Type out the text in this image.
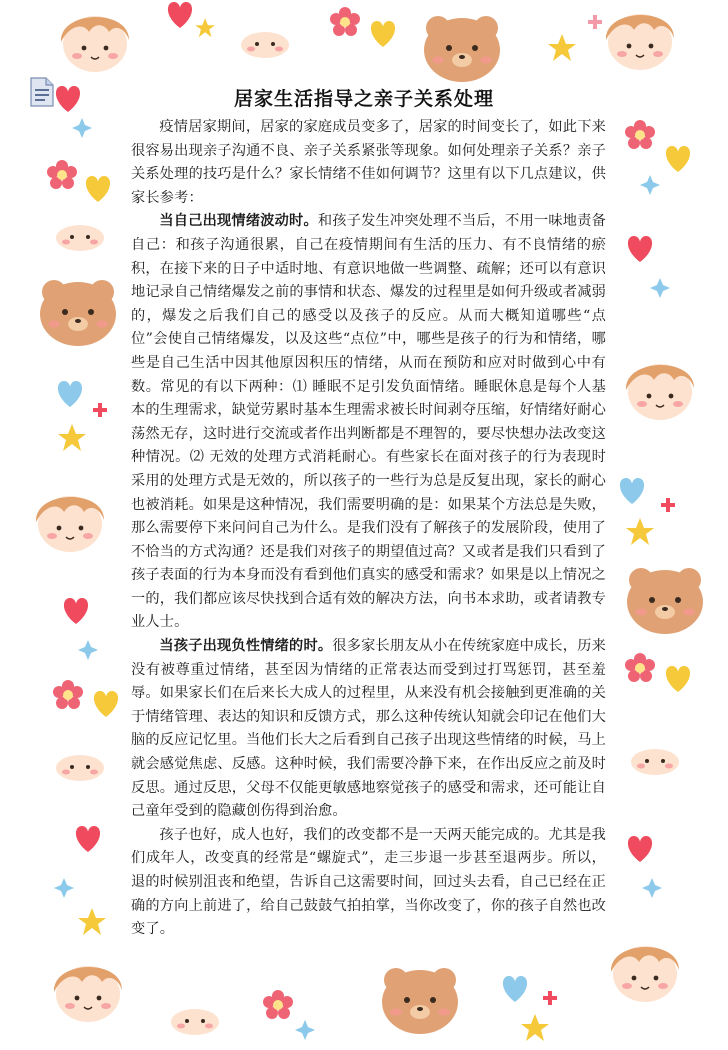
居家生活指导之亲子关系处理

疫情居家期间，居家的家庭成员变多了，居家的时间变长了，如此下来很容易出现亲子沟通不良、亲子关系紧张等现象。如何处理亲子关系？亲子关系处理的技巧是什么？家长情绪不佳如何调节？这里有以下几点建议，供家长参考：

当自己出现情绪波动时。和孩子发生冲突处理不当后，不用一味地责备自己：和孩子沟通很累，自己在疫情期间有生活的压力、有不良情绪的瘀积，在接下来的日子中适时地、有意识地做一些调整、疏解；还可以有意识地记录自己情绪爆发之前的事情和状态、爆发的过程里是如何升级或者减弱的，爆发之后我们自己的感受以及孩子的反应。从而大概知道哪些“点位”会使自己情绪爆发，以及这些“点位”中，哪些是孩子的行为和情绪，哪些是自己生活中因其他原因积压的情绪，从而在预防和应对时做到心中有数。常见的有以下两种：⑴ 睡眠不足引发负面情绪。睡眠休息是每个人基本的生理需求，缺觉劳累时基本生理需求被长时间剥夺压缩，好情绪好耐心荡然无存，这时进行交流或者作出判断都是不理智的，要尽快想办法改变这种情况。⑵ 无效的处理方式消耗耐心。有些家长在面对孩子的行为表现时采用的处理方式是无效的，所以孩子的一些行为总是反复出现，家长的耐心也被消耗。如果是这种情况，我们需要明确的是：如果某个方法总是失败，那么需要停下来问问自己为什么。是我们没有了解孩子的发展阶段，使用了不恰当的方式沟通？还是我们对孩子的期望值过高？又或者是我们只看到了孩子表面的行为本身而没有看到他们真实的感受和需求？如果是以上情况之一的，我们都应该尽快找到合适有效的解决方法，向书本求助，或者请教专业人士。

当孩子出现负性情绪的时。很多家长朋友从小在传统家庭中成长，历来没有被尊重过情绪，甚至因为情绪的正常表达而受到过打骂惩罚，甚至羞辱。如果家长们在后来长大成人的过程里，从来没有机会接触到更准确的关于情绪管理、表达的知识和反馈方式，那么这种传统认知就会印记在他们大脑的反应记忆里。当他们长大之后看到自己孩子出现这些情绪的时候，马上就会感觉焦虑、反感。这种时候，我们需要冷静下来，在作出反应之前及时反思。通过反思，父母不仅能更敏感地察觉孩子的感受和需求，还可能让自己童年受到的隐藏创伤得到治愈。

孩子也好，成人也好，我们的改变都不是一天两天能完成的。尤其是我们成年人，改变真的经常是“螺旋式”，走三步退一步甚至退两步。所以，退的时候别沮丧和绝望，告诉自己这需要时间，回过头去看，自己已经在正确的方向上前进了，给自己鼓鼓气拍拍掌，当你改变了，你的孩子自然也改变了。
